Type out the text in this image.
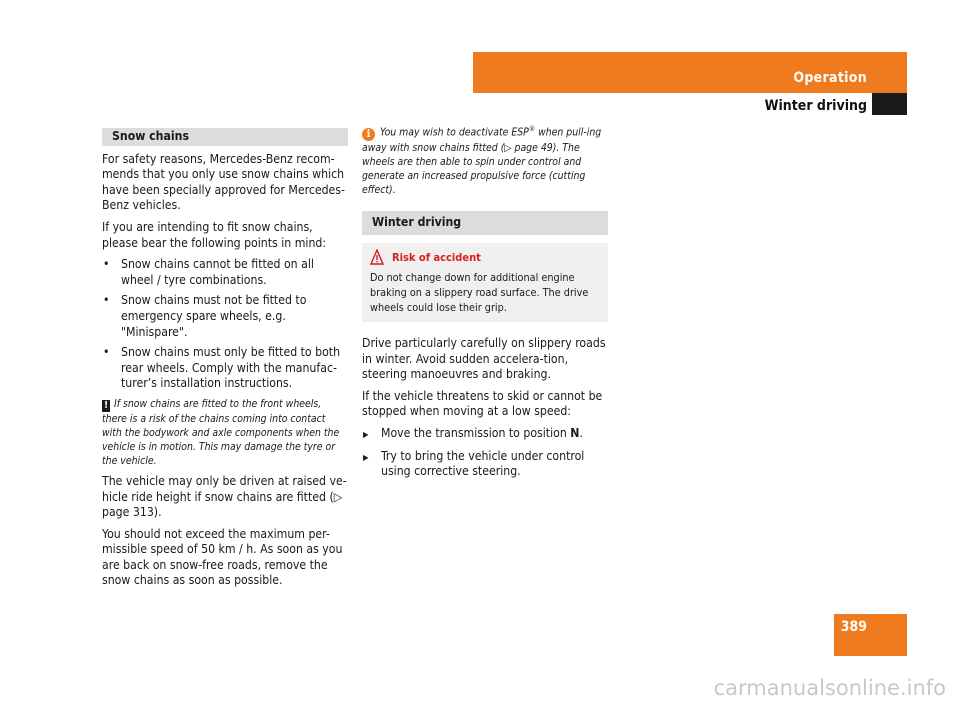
Operation
Winter driving
389
Snow chains

For safety reasons, Mercedes-Benz recom-mends that you only use snow chains which have been specially approved for Mercedes-Benz vehicles.

If you are intending to fit snow chains, please bear the following points in mind:

• Snow chains cannot be fitted on all wheel / tyre combinations.
• Snow chains must not be fitted to emergency spare wheels, e.g. "Minispare".
• Snow chains must only be fitted to both rear wheels. Comply with the manufac-turer’s installation instructions.
! If snow chains are fitted to the front wheels, there is a risk of the chains coming into contact with the bodywork and axle components when the vehicle is in motion. This may damage the tyre or the vehicle.

The vehicle may only be driven at raised ve-hicle ride height if snow chains are fitted (▷ page 313).

You should not exceed the maximum per-missible speed of 50 km / h. As soon as you are back on snow-free roads, remove the snow chains as soon as possible.

i You may wish to deactivate ESP® when pull-ing away with snow chains fitted (▷ page 49). The wheels are then able to spin under control and generate an increased propulsive force (cutting effect).
Winter driving
Risk of accident
Do not change down for additional engine braking on a slippery road surface. The drive wheels could lose their grip.

Drive particularly carefully on slippery roads in winter. Avoid sudden accelera-tion, steering manoeuvres and braking.

If the vehicle threatens to skid or cannot be stopped when moving at a low speed:

▶ Move the transmission to position N.
▶ Try to bring the vehicle under control using corrective steering.
carmanualsonline.info
